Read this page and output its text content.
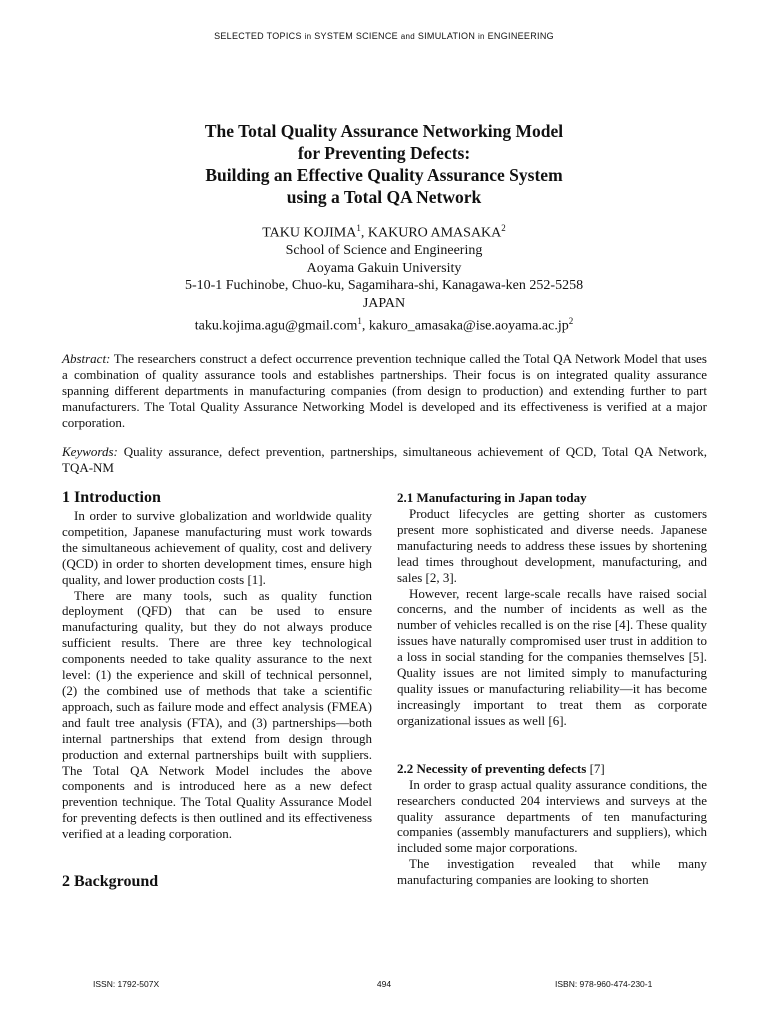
SELECTED TOPICS in SYSTEM SCIENCE and SIMULATION in ENGINEERING
The Total Quality Assurance Networking Model
for Preventing Defects:
Building an Effective Quality Assurance System
using a Total QA Network
TAKU KOJIMA$^1$, KAKURO AMASAKA$^2$
School of Science and Engineering
Aoyama Gakuin University
5-10-1 Fuchinobe, Chuo-ku, Sagamihara-shi, Kanagawa-ken 252-5258
JAPAN
taku.kojima.agu@gmail.com$^1$, $kakuro\_amasaka@ise.aoyama.ac.jp^2$
Abstract: The researchers construct a defect occurrence prevention technique called the Total QA Network Model that uses a combination of quality assurance tools and establishes partnerships. Their focus is on integrated quality assurance spanning different departments in manufacturing companies (from design to production) and extending further to part manufacturers. The Total Quality Assurance Networking Model is developed and its effectiveness is verified at a major corporation.
Keywords: Quality assurance, defect prevention, partnerships, simultaneous achievement of QCD, Total QA Network, TQA-NM
1 Introduction

In order to survive globalization and worldwide quality competition, Japanese manufacturing must work towards the simultaneous achievement of quality, cost and delivery (QCD) in order to shorten development times, ensure high quality, and lower production costs [1].

There are many tools, such as quality function deployment (QFD) that can be used to ensure manufacturing quality, but they do not always produce sufficient results. There are three key technological components needed to take quality assurance to the next level: (1) the experience and skill of technical personnel, (2) the combined use of methods that take a scientific approach, such as failure mode and effect analysis (FMEA) and fault tree analysis (FTA), and (3) partnerships—both internal partnerships that extend from design through production and external partnerships built with suppliers. The Total QA Network Model includes the above components and is introduced here as a new defect prevention technique. The Total Quality Assurance Model for preventing defects is then outlined and its effectiveness verified at a leading corporation.

2 Background
2.1 Manufacturing in Japan today

Product lifecycles are getting shorter as customers present more sophisticated and diverse needs. Japanese manufacturing needs to address these issues by shortening lead times throughout development, manufacturing, and sales [2, 3].

However, recent large-scale recalls have raised social concerns, and the number of incidents as well as the number of vehicles recalled is on the rise [4]. These quality issues have naturally compromised user trust in addition to a loss in social standing for the companies themselves [5]. Quality issues are not limited simply to manufacturing quality issues or manufacturing reliability—it has become increasingly important to treat them as corporate organizational issues as well [6].

2.2 Necessity of preventing defects [7]

In order to grasp actual quality assurance conditions, the researchers conducted 204 interviews and surveys at the quality assurance departments of ten manufacturing companies (assembly manufacturers and suppliers), which included some major corporations.

The investigation revealed that while many manufacturing companies are looking to shorten

ISSN: 1792-507X	494	ISBN: 978-960-474-230-1
